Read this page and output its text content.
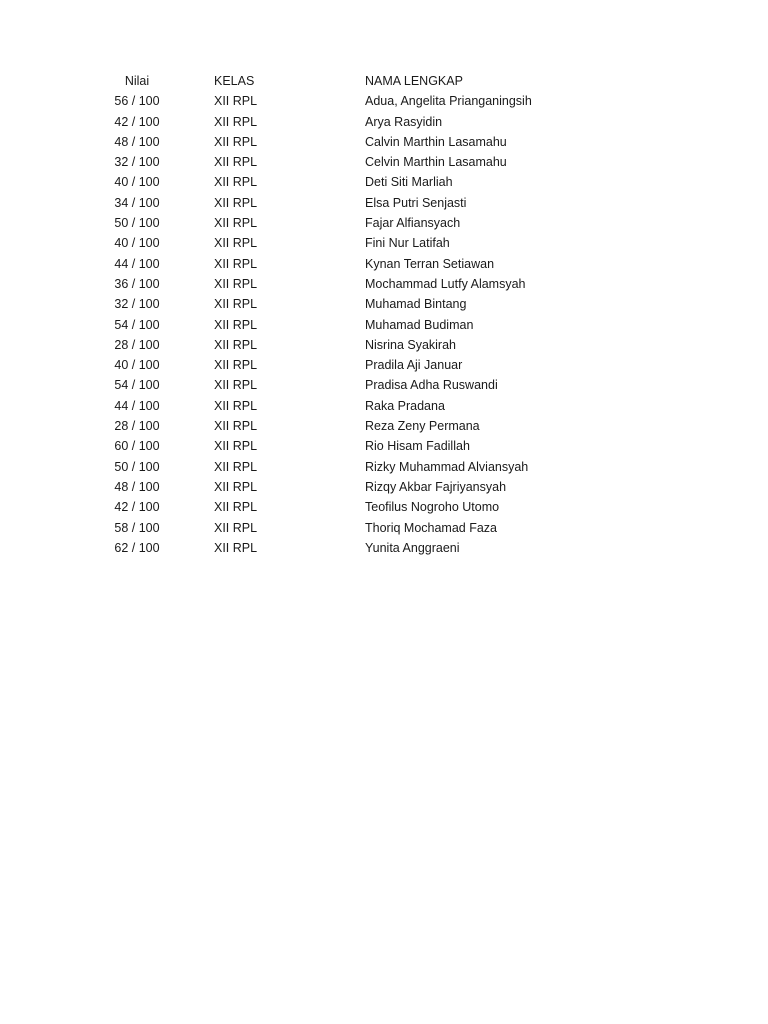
Nilai	KELAS	NAMA LENGKAP
56 / 100	XII RPL	Adua, Angelita Prianganingsih
42 / 100	XII RPL	Arya Rasyidin
48 / 100	XII RPL	Calvin Marthin Lasamahu
32 / 100	XII RPL	Celvin Marthin Lasamahu
40 / 100	XII RPL	Deti Siti Marliah
34 / 100	XII RPL	Elsa Putri Senjasti
50 / 100	XII RPL	Fajar Alfiansyach
40 / 100	XII RPL	Fini Nur Latifah
44 / 100	XII RPL	Kynan Terran Setiawan
36 / 100	XII RPL	Mochammad Lutfy Alamsyah
32 / 100	XII RPL	Muhamad Bintang
54 / 100	XII RPL	Muhamad Budiman
28 / 100	XII RPL	Nisrina Syakirah
40 / 100	XII RPL	Pradila Aji Januar
54 / 100	XII RPL	Pradisa Adha Ruswandi
44 / 100	XII RPL	Raka Pradana
28 / 100	XII RPL	Reza Zeny Permana
60 / 100	XII RPL	Rio Hisam Fadillah
50 / 100	XII RPL	Rizky Muhammad Alviansyah
48 / 100	XII RPL	Rizqy Akbar Fajriyansyah
42 / 100	XII RPL	Teofilus Nogroho Utomo
58 / 100	XII RPL	Thoriq Mochamad Faza
62 / 100	XII RPL	Yunita Anggraeni
